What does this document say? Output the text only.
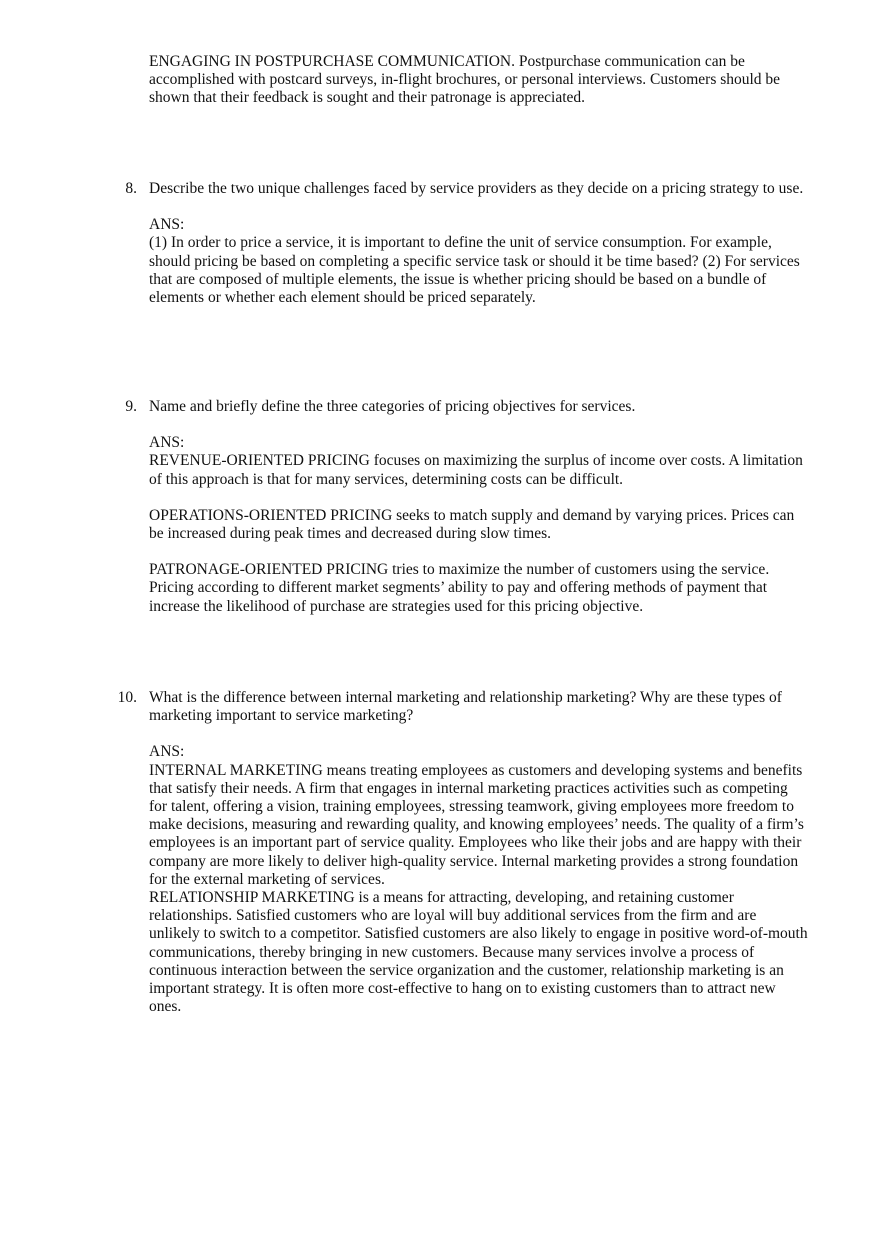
ENGAGING IN POSTPURCHASE COMMUNICATION. Postpurchase communication can be accomplished with postcard surveys, in-flight brochures, or personal interviews. Customers should be shown that their feedback is sought and their patronage is appreciated.

8. Describe the two unique challenges faced by service providers as they decide on a pricing strategy to use.

ANS:

(1) In order to price a service, it is important to define the unit of service consumption. For example, should pricing be based on completing a specific service task or should it be time based? (2) For services that are composed of multiple elements, the issue is whether pricing should be based on a bundle of elements or whether each element should be priced separately.

9. Name and briefly define the three categories of pricing objectives for services.

ANS:

REVENUE-ORIENTED PRICING focuses on maximizing the surplus of income over costs. A limitation of this approach is that for many services, determining costs can be difficult.

OPERATIONS-ORIENTED PRICING seeks to match supply and demand by varying prices. Prices can be increased during peak times and decreased during slow times.

PATRONAGE-ORIENTED PRICING tries to maximize the number of customers using the service. Pricing according to different market segments’ ability to pay and offering methods of payment that increase the likelihood of purchase are strategies used for this pricing objective.

10. What is the difference between internal marketing and relationship marketing? Why are these types of marketing important to service marketing?

ANS:

INTERNAL MARKETING means treating employees as customers and developing systems and benefits that satisfy their needs. A firm that engages in internal marketing practices activities such as competing for talent, offering a vision, training employees, stressing teamwork, giving employees more freedom to make decisions, measuring and rewarding quality, and knowing employees’ needs. The quality of a firm’s employees is an important part of service quality. Employees who like their jobs and are happy with their company are more likely to deliver high-quality service. Internal marketing provides a strong foundation for the external marketing of services.

RELATIONSHIP MARKETING is a means for attracting, developing, and retaining customer relationships. Satisfied customers who are loyal will buy additional services from the firm and are unlikely to switch to a competitor. Satisfied customers are also likely to engage in positive word-of-mouth communications, thereby bringing in new customers. Because many services involve a process of continuous interaction between the service organization and the customer, relationship marketing is an important strategy. It is often more cost-effective to hang on to existing customers than to attract new ones.
